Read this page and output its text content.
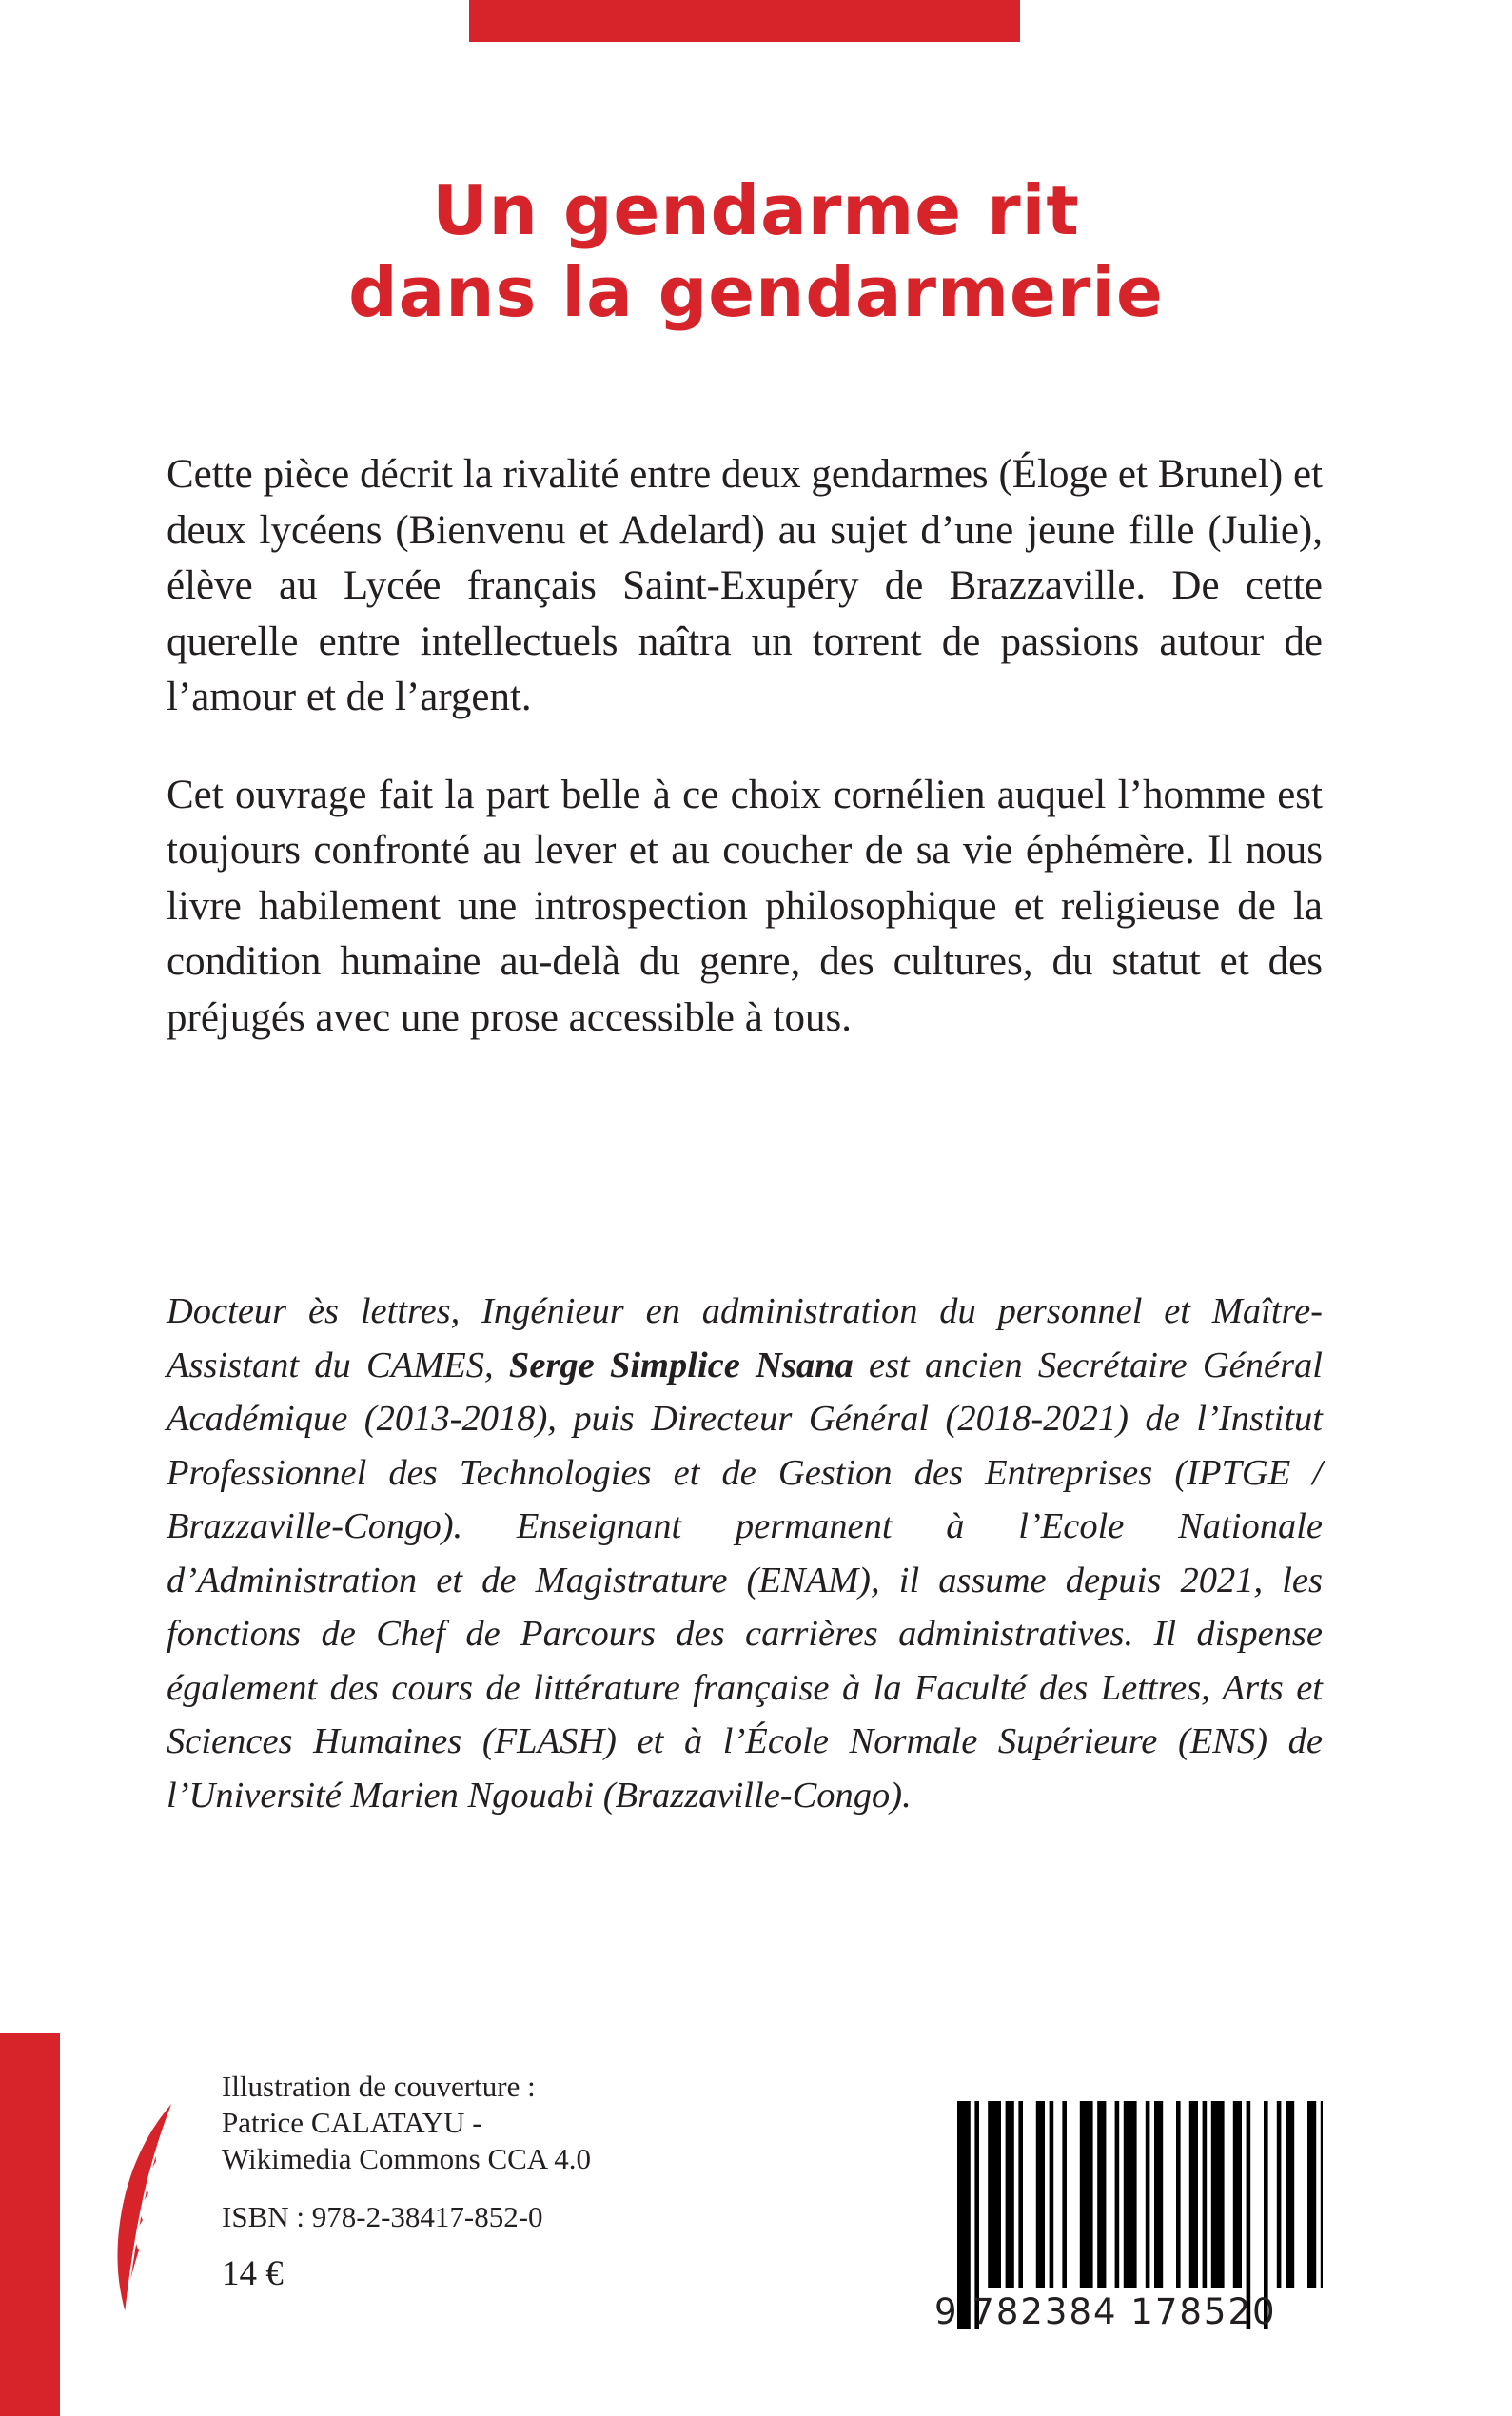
Un gendarme rit
dans la gendarmerie

Cette pièce décrit la rivalité entre deux gendarmes (Éloge et Brunel) et deux lycéens (Bienvenu et Adelard) au sujet d’une jeune fille (Julie), élève au Lycée français Saint-Exupéry de Brazzaville. De cette querelle entre intellectuels naîtra un torrent de passions autour de l’amour et de l’argent.

Cet ouvrage fait la part belle à ce choix cornélien auquel l’homme est toujours confronté au lever et au coucher de sa vie éphémère. Il nous livre habilement une introspection philosophique et religieuse de la condition humaine au-delà du genre, des cultures, du statut et des préjugés avec une prose accessible à tous.

Docteur ès lettres, Ingénieur en administration du personnel et Maître-Assistant du CAMES, Serge Simplice Nsana est ancien Secrétaire Général Académique (2013-2018), puis Directeur Général (2018-2021) de l’Institut Professionnel des Technologies et de Gestion des Entreprises (IPTGE / Brazzaville-Congo). Enseignant permanent à l’Ecole Nationale d’Administration et de Magistrature (ENAM), il assume depuis 2021, les fonctions de Chef de Parcours des carrières administratives. Il dispense également des cours de littérature française à la Faculté des Lettres, Arts et Sciences Humaines (FLASH) et à l’École Normale Supérieure (ENS) de l’Université Marien Ngouabi (Brazzaville-Congo).

Illustration de couverture :
Patrice CALATAYU -
Wikimedia Commons CCA 4.0
ISBN : 978-2-38417-852-0
14 €
9 782384 178520
